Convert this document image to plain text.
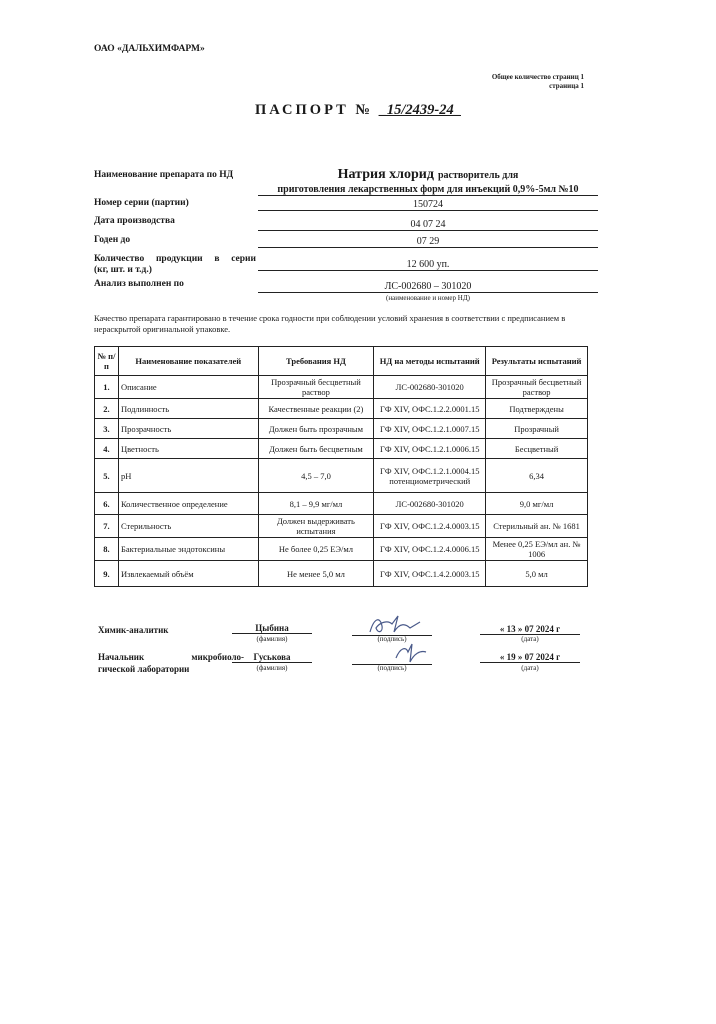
ОАО «ДАЛЬХИМФАРМ»
Общее количество страниц 1
страница 1
ПАСПОРТ № _15/2439-24_
Наименование препарата по НД	Натрия хлорид растворитель для
приготовления лекарственных форм для инъекций 0,9%-5мл №10
Номер серии (партии)	150724
Дата производства	04 07 24
Годен до	07 29
Количество продукции в серии
(кг, шт. и т.д.)	12 600 уп.
Анализ выполнен по	ЛС-002680 – 301020
(наименование и номер НД)
Качество препарата гарантировано в течение срока годности при соблюдении условий хранения в соответствии с предписанием в нераскрытой оригинальной упаковке.
№ п/п	Наименование показателей	Требования НД	НД на методы испытаний	Результаты испытаний
1.	Описание	Прозрачный бесцветный раствор	ЛС-002680-301020	Прозрачный бесцветный раствор
2.	Подлинность	Качественные реакции (2)	ГФ XIV, ОФС.1.2.2.0001.15	Подтверждены
3.	Прозрачность	Должен быть прозрачным	ГФ XIV, ОФС.1.2.1.0007.15	Прозрачный
4.	Цветность	Должен быть бесцветным	ГФ XIV, ОФС.1.2.1.0006.15	Бесцветный
5.	pH	4,5 – 7,0	ГФ XIV, ОФС.1.2.1.0004.15 потенциометрический	6,34
6.	Количественное определение	8,1 – 9,9 мг/мл	ЛС-002680-301020	9,0 мг/мл
7.	Стерильность	Должен выдерживать испытания	ГФ XIV, ОФС.1.2.4.0003.15	Стерильный ан. № 1681
8.	Бактериальные эндотоксины	Не более 0,25 ЕЭ/мл	ГФ XIV, ОФС.1.2.4.0006.15	Менее 0,25 ЕЭ/мл ан. № 1006
9.	Извлекаемый объём	Не менее 5,0 мл	ГФ XIV, ОФС.1.4.2.0003.15	5,0 мл
Химик-аналитик	Цыбина
(фамилия)	(подпись)
« 13 » 07 2024 г
(дата)
Начальник микробиоло-
гической лаборатории
Гуськова
(фамилия)	(подпись)
« 19 » 07 2024 г
(дата)
